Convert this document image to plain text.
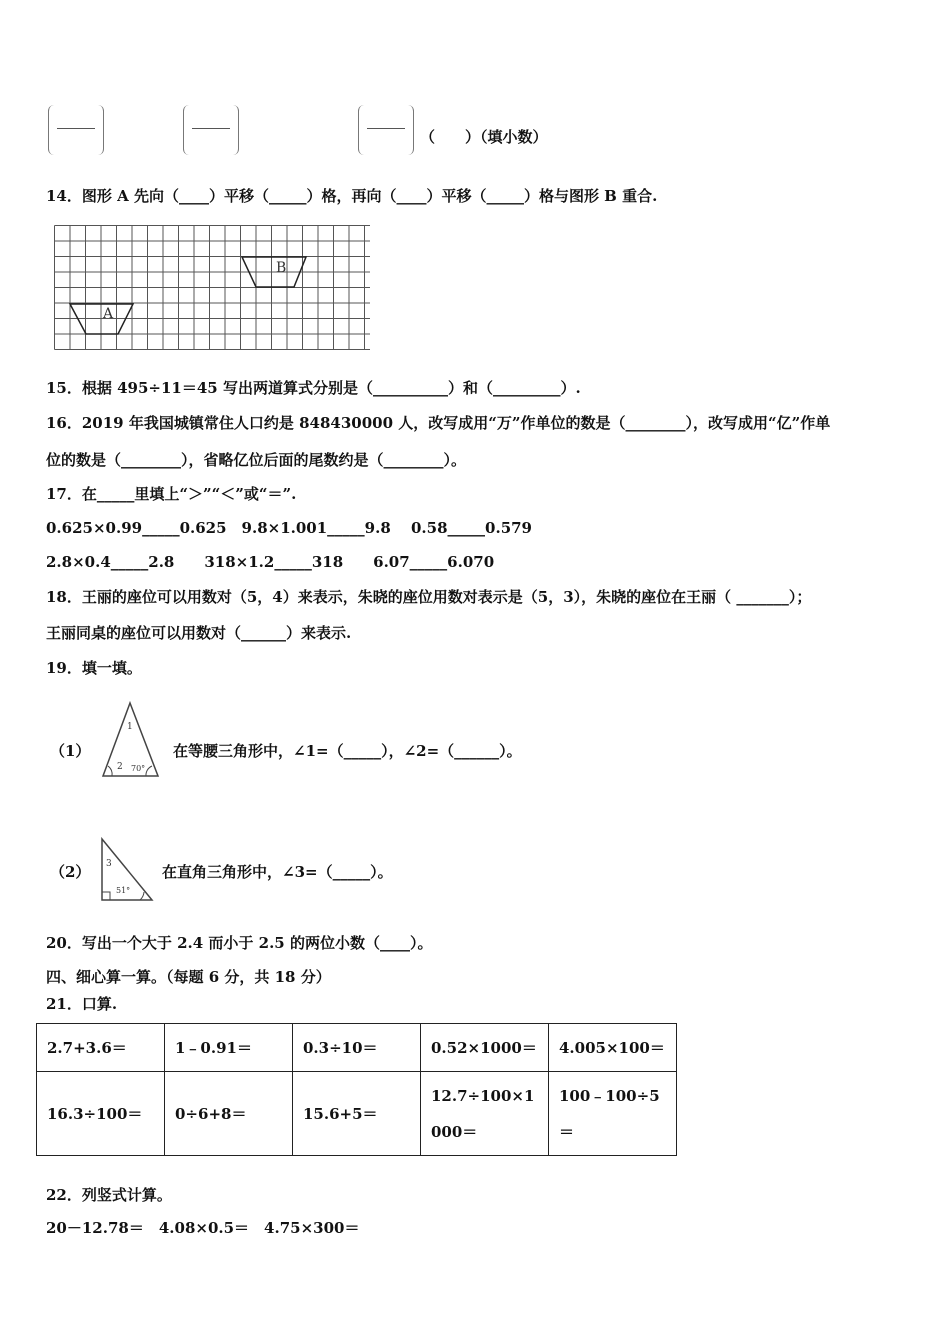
（　　）（填小数）
14．图形 A 先向（____）平移（_____）格，再向（____）平移（_____）格与图形 B 重合.
B
A
15．根据 495÷11＝45 写出两道算式分别是（__________）和（_________）.
16．2019 年我国城镇常住人口约是 848430000 人，改写成用“万”作单位的数是（________），改写成用“亿”作单
位的数是（________），省略亿位后面的尾数约是（________）。
17．在_____里填上“＞”“＜”或“＝”.
0.625×0.99_____0.625　9.8×1.001_____9.8　 0.58_____0.579
2.8×0.4_____2.8　　318×1.2_____318　　6.07_____6.070
18．王丽的座位可以用数对（5，4）来表示，朱晓的座位用数对表示是（5，3），朱晓的座位在王丽（ _______）；
王丽同桌的座位可以用数对（______）来表示.
19．填一填。
（1）
1
2 70°
在等腰三角形中，∠1=（_____），∠2=（______）。
（2） 3
51°
在直角三角形中，∠3=（_____）。
20．写出一个大于 2.4 而小于 2.5 的两位小数（____）。
四、细心算一算。（每题 6 分，共 18 分）
21．口算.
2.7+3.6＝	1﹣0.91＝	0.3÷10＝	0.52×1000＝	4.005×100＝
16.3÷100＝	0÷6+8＝	15.6+5＝	12.7÷100×1000＝	100﹣100÷5＝
22．列竖式计算。
20－12.78＝　4.08×0.5＝　4.75×300＝
